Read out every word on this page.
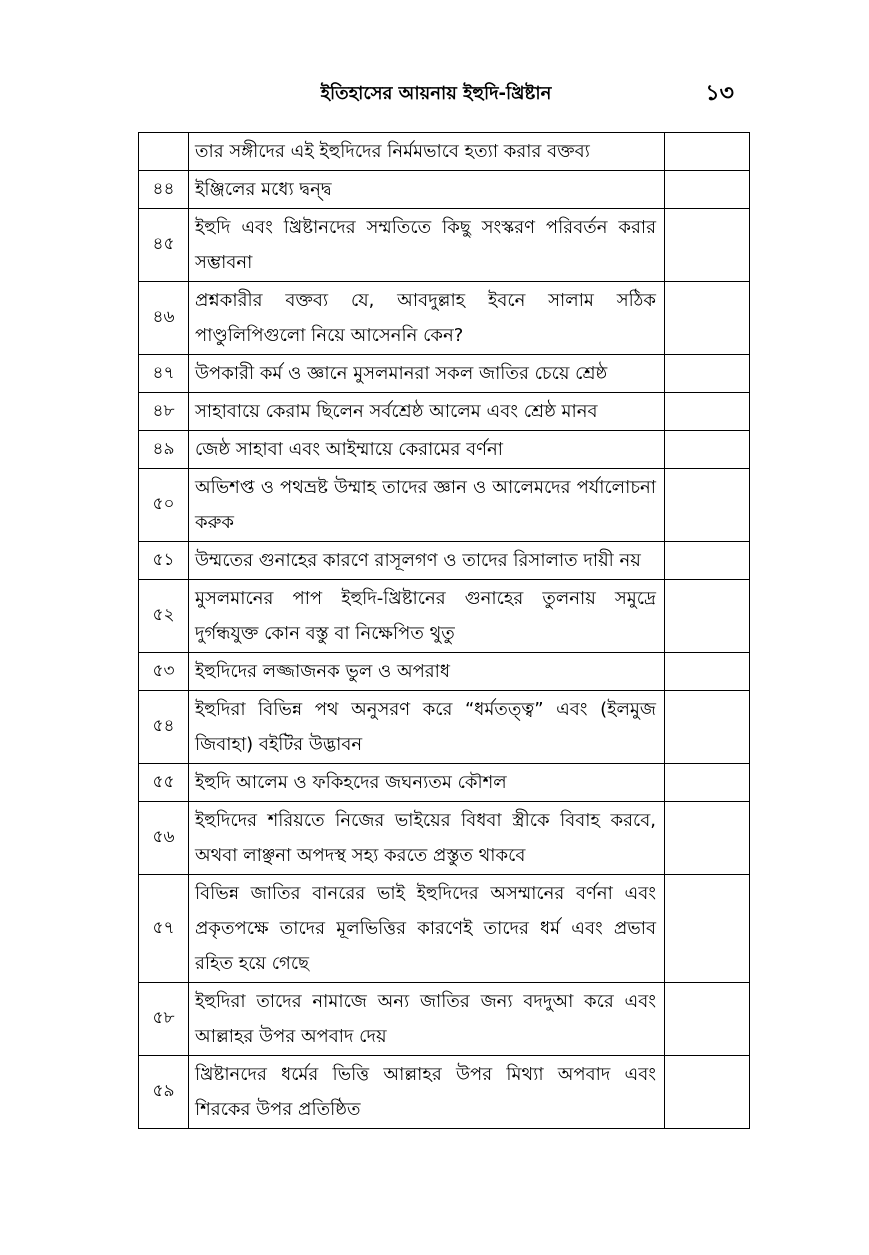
ইতিহাসের আয়নায় ইহুদি-খ্রিষ্টান	১৩
	তার সঙ্গীদের এই ইহুদিদের নির্মমভাবে হত্যা করার বক্তব্য	
৪৪	ইঞ্জিলের মধ্যে দ্বন্দ্ব	
৪৫	ইহুদি এবং খ্রিষ্টানদের সম্মতিতে কিছু সংস্করণ পরিবর্তন করার সম্ভাবনা	
৪৬	প্রশ্নকারীর বক্তব্য যে, আবদুল্লাহ ইবনে সালাম সঠিক পাণ্ডুলিপিগুলো নিয়ে আসেননি কেন?	
৪৭	উপকারী কর্ম ও জ্ঞানে মুসলমানরা সকল জাতির চেয়ে শ্রেষ্ঠ	
৪৮	সাহাবায়ে কেরাম ছিলেন সর্বশ্রেষ্ঠ আলেম এবং শ্রেষ্ঠ মানব	
৪৯	জেষ্ঠ সাহাবা এবং আইম্মায়ে কেরামের বর্ণনা	
৫০	অভিশপ্ত ও পথভ্রষ্ট উম্মাহ তাদের জ্ঞান ও আলেমদের পর্যালোচনা করুক	
৫১	উম্মতের গুনাহের কারণে রাসূলগণ ও তাদের রিসালাত দায়ী নয়	
৫২	মুসলমানের পাপ ইহুদি-খ্রিষ্টানের গুনাহের তুলনায় সমুদ্রে দুর্গন্ধযুক্ত কোন বস্তু বা নিক্ষেপিত থুতু	
৫৩	ইহুদিদের লজ্জাজনক ভুল ও অপরাধ	
৫৪	ইহুদিরা বিভিন্ন পথ অনুসরণ করে “ধর্মতত্ত্ব” এবং (ইলমুজ জিবাহা) বইটির উদ্ভাবন	
৫৫	ইহুদি আলেম ও ফকিহদের জঘন্যতম কৌশল	
৫৬	ইহুদিদের শরিয়তে নিজের ভাইয়ের বিধবা স্ত্রীকে বিবাহ করবে, অথবা লাঞ্ছনা অপদস্থ সহ্য করতে প্রস্তুত থাকবে	
৫৭	বিভিন্ন জাতির বানরের ভাই ইহুদিদের অসম্মানের বর্ণনা এবং প্রকৃতপক্ষে তাদের মূলভিত্তির কারণেই তাদের ধর্ম এবং প্রভাব রহিত হয়ে গেছে	
৫৮	ইহুদিরা তাদের নামাজে অন্য জাতির জন্য বদদুআ করে এবং আল্লাহর উপর অপবাদ দেয়	
৫৯	খ্রিষ্টানদের ধর্মের ভিত্তি আল্লাহর উপর মিথ্যা অপবাদ এবং শিরকের উপর প্রতিষ্ঠিত	
